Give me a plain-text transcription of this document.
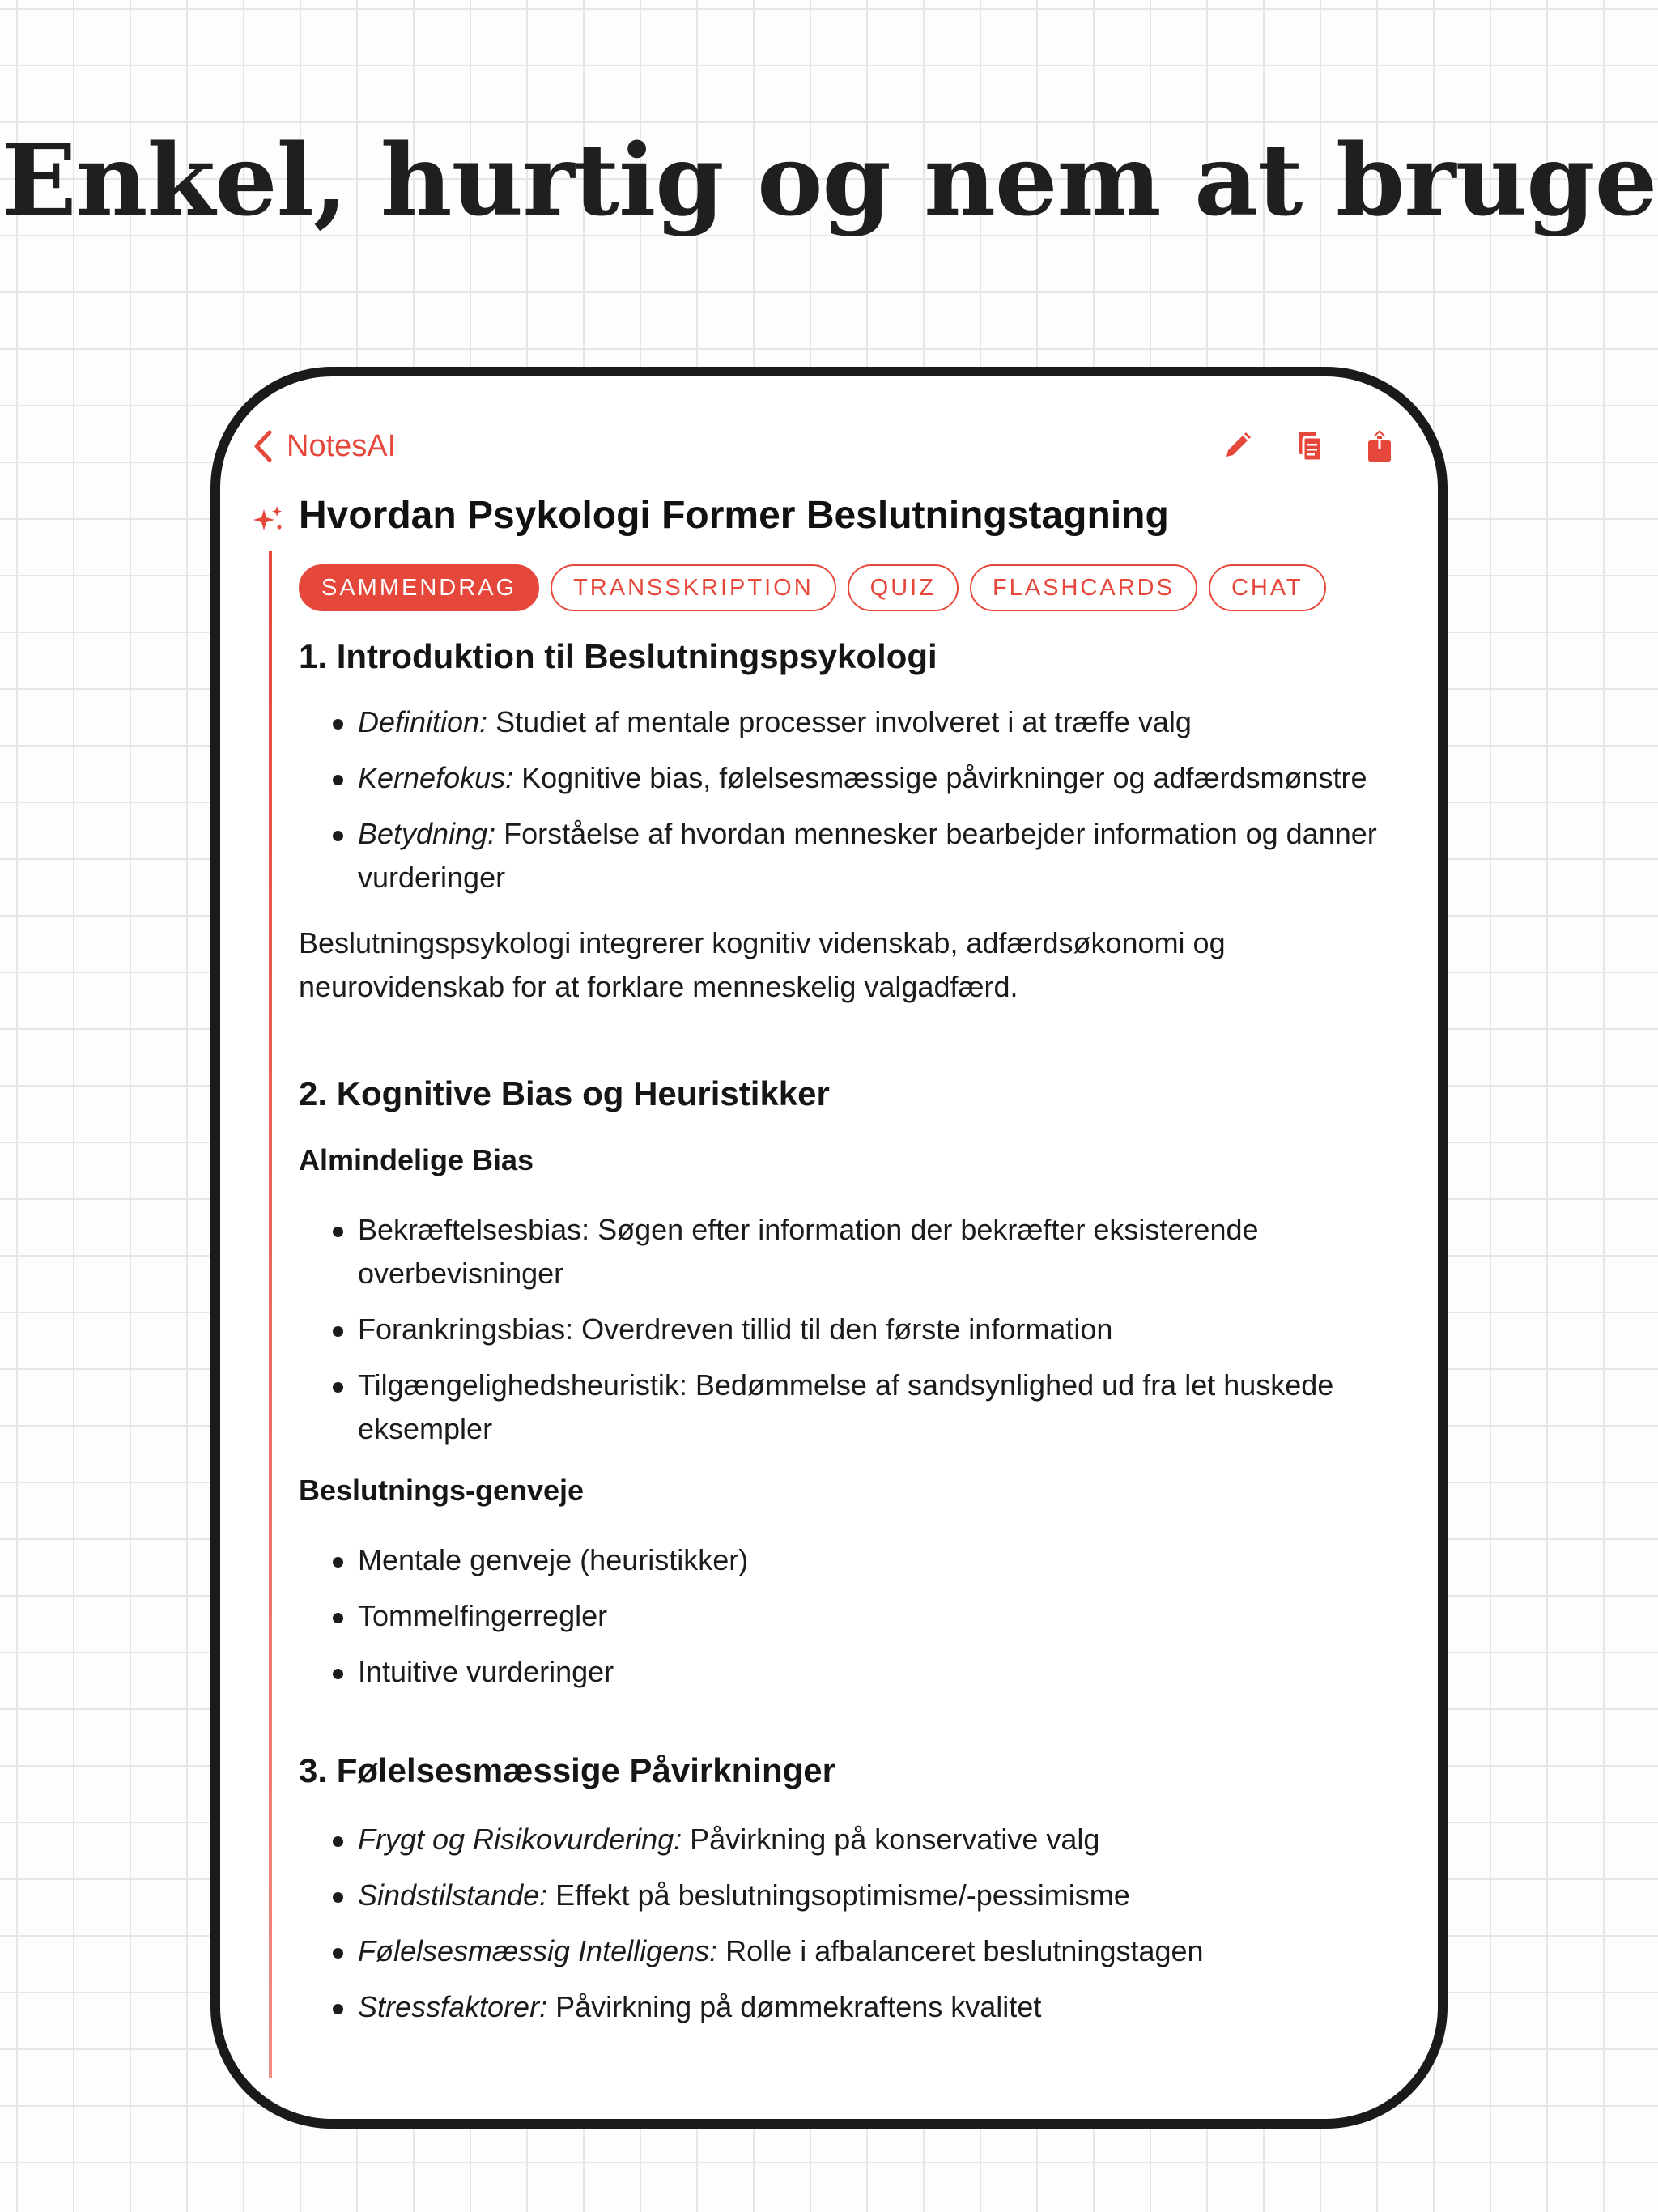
Enkel, hurtig og nem at bruge
NotesAI
Hvordan Psykologi Former Beslutningstagning
SAMMENDRAG	TRANSSKRIPTION	QUIZ	FLASHCARDS	CHAT
1. Introduktion til Beslutningspsykologi
Definition: Studiet af mentale processer involveret i at træffe valg
Kernefokus: Kognitive bias, følelsesmæssige påvirkninger og adfærdsmønstre
Betydning: Forståelse af hvordan mennesker bearbejder information og danner vurderinger

Beslutningspsykologi integrerer kognitiv videnskab, adfærdsøkonomi og neurovidenskab for at forklare menneskelig valgadfærd.

2. Kognitive Bias og Heuristikker
Almindelige Bias
Bekræftelsesbias: Søgen efter information der bekræfter eksisterende overbevisninger
Forankringsbias: Overdreven tillid til den første information
Tilgængelighedsheuristik: Bedømmelse af sandsynlighed ud fra let huskede eksempler
Beslutnings-genveje
Mentale genveje (heuristikker)
Tommelfingerregler
Intuitive vurderinger
3. Følelsesmæssige Påvirkninger
Frygt og Risikovurdering: Påvirkning på konservative valg
Sindstilstande: Effekt på beslutningsoptimisme/-pessimisme
Følelsesmæssig Intelligens: Rolle i afbalanceret beslutningstagen
Stressfaktorer: Påvirkning på dømmekraftens kvalitet
